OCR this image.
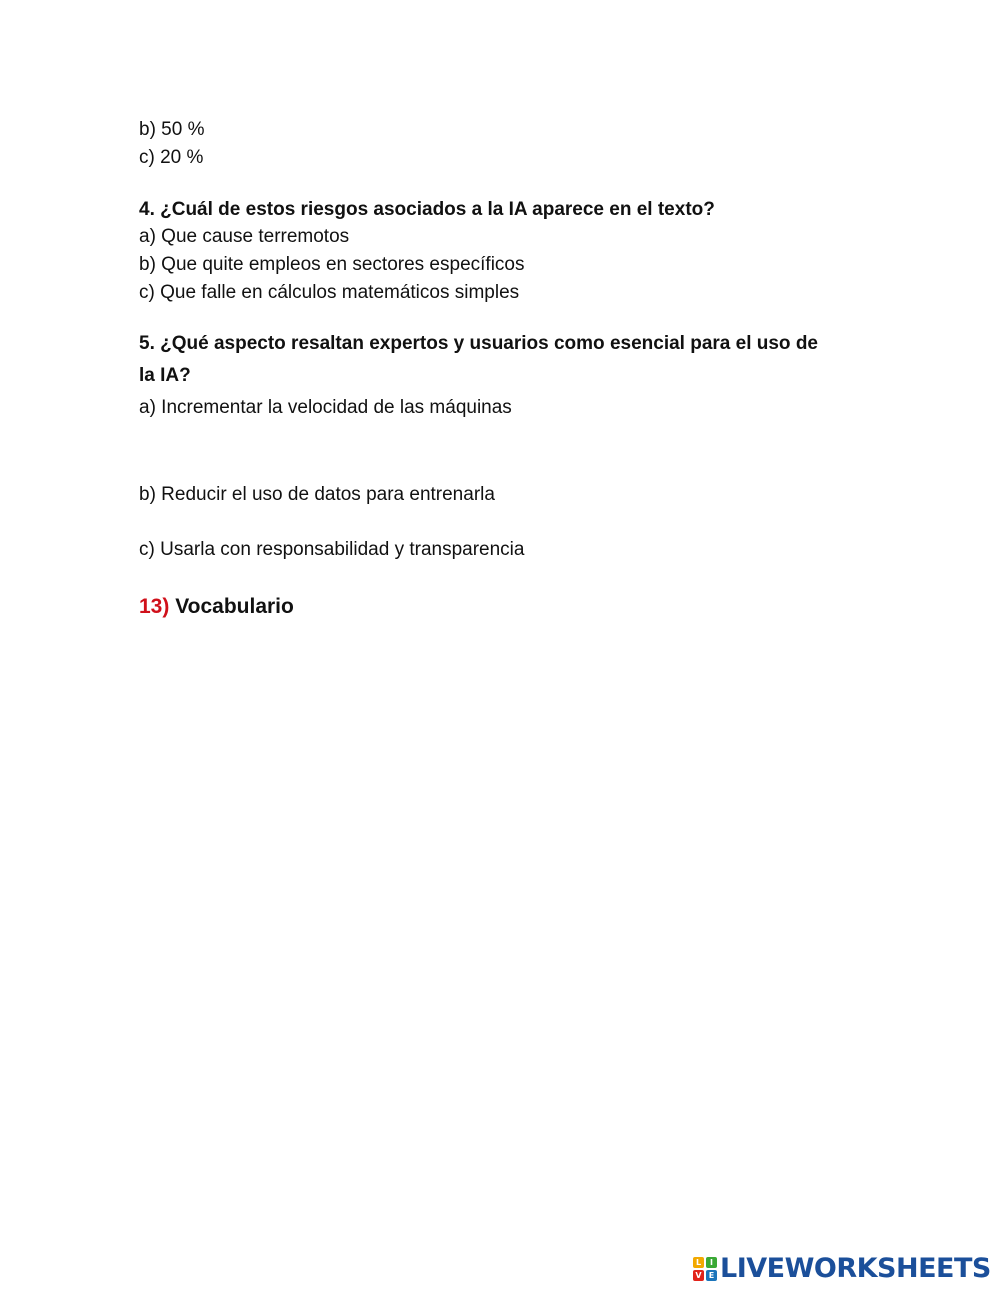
b) 50 %

c) 20 %

4. ¿Cuál de estos riesgos asociados a la IA aparece en el texto?

a) Que cause terremotos

b) Que quite empleos en sectores específicos

c) Que falle en cálculos matemáticos simples

5. ¿Qué aspecto resaltan expertos y usuarios como esencial para el uso de

la IA?

a) Incrementar la velocidad de las máquinas

b) Reducir el uso de datos para entrenarla

c) Usarla con responsabilidad y transparencia

13) Vocabulario
L	I
V E LIVEWORKSHEETS
